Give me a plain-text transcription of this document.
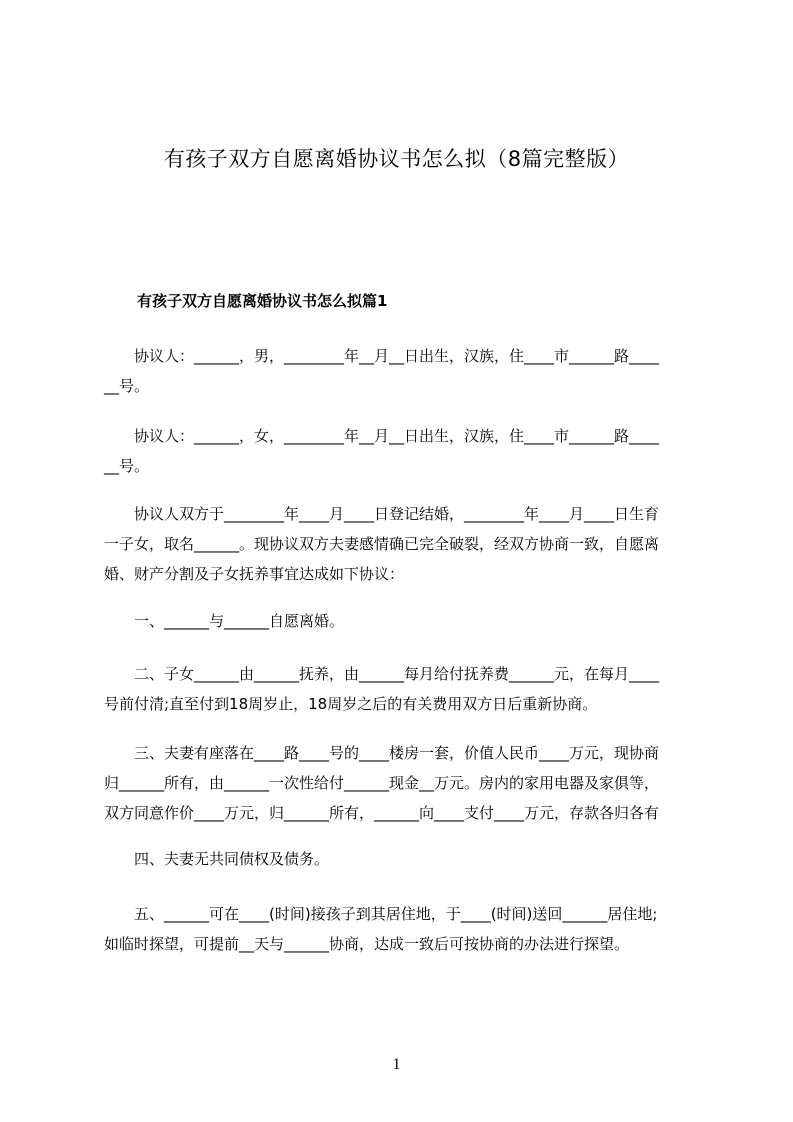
有孩子双方自愿离婚协议书怎么拟（8篇完整版）
有孩子双方自愿离婚协议书怎么拟篇1
　　协议人：______，男，________年__月__日出生，汉族，住____市______路____
__号。
　　协议人：______，女，________年__月__日出生，汉族，住____市______路____
__号。
　　协议人双方于________年____月____日登记结婚，________年____月____日生育
一子女，取名______。现协议双方夫妻感情确已完全破裂，经双方协商一致，自愿离
婚、财产分割及子女抚养事宜达成如下协议：
　　一、______与______自愿离婚。
　　二、子女______由______抚养，由______每月给付抚养费______元，在每月____
号前付清;直至付到18周岁止，18周岁之后的有关费用双方日后重新协商。
　　三、夫妻有座落在____路____号的____楼房一套，价值人民币____万元，现协商
归______所有，由______一次性给付______现金__万元。房内的家用电器及家俱等，
双方同意作价____万元，归______所有，______向____支付____万元，存款各归各有
　　四、夫妻无共同债权及债务。
　　五、______可在____(时间)接孩子到其居住地，于____(时间)送回______居住地;
如临时探望，可提前__天与______协商，达成一致后可按协商的办法进行探望。
1
